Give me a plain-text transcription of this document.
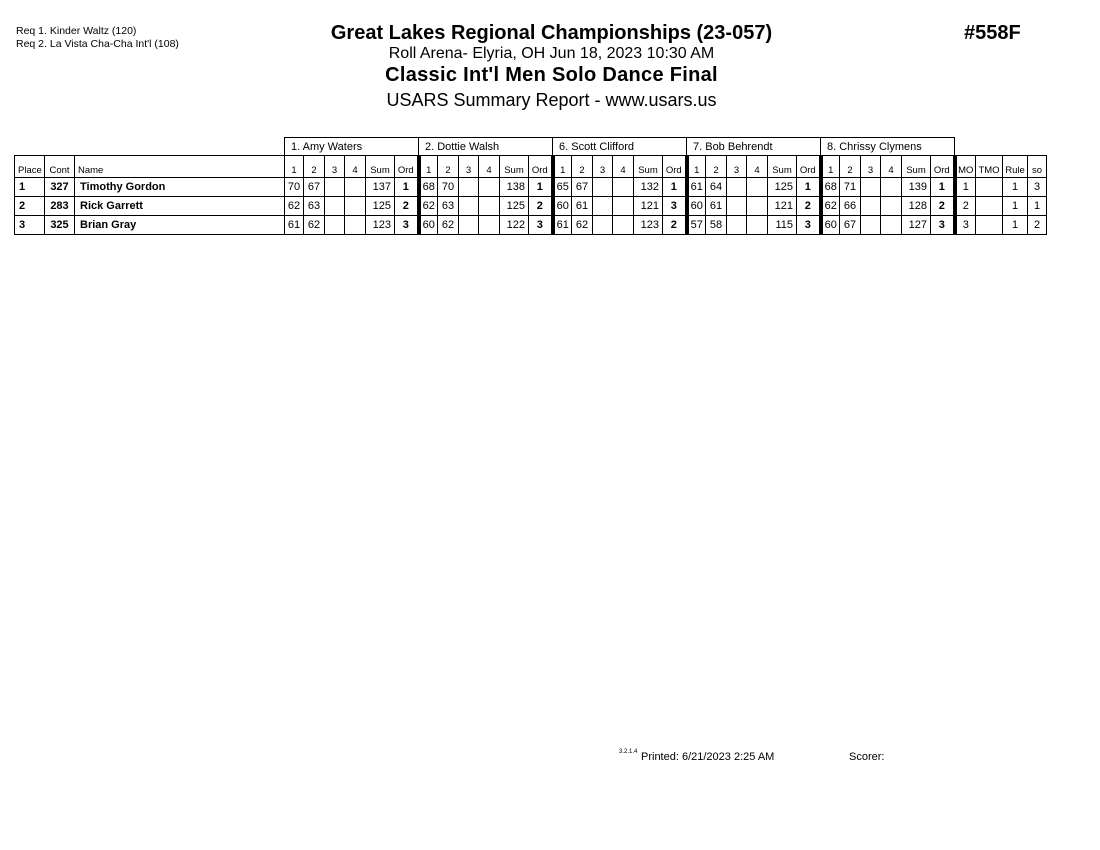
Req 1. Kinder Waltz (120)
Req 2. La Vista Cha-Cha Int'l (108)	Great Lakes Regional Championships (23-057)
Roll Arena- Elyria, OH Jun 18, 2023 10:30 AM
Classic Int'l Men Solo Dance Final
USARS Summary Report - www.usars.us
#558F
			1. Amy Waters						2. Dottie Walsh						6. Scott Clifford						7. Bob Behrendt						8. Chrissy Clymens									
Place	Cont	Name	1	2	3	4	Sum	Ord	1	2	3	4	Sum	Ord	1	2	3	4	Sum	Ord	1	2	3	4	Sum	Ord	1	2	3	4	Sum	Ord	MO	TMO	Rule	so
1	327	Timothy Gordon	70	67			137	1	68	70			138	1	65	67			132	1	61	64			125	1	68	71			139	1	1		1	3
2	283	Rick Garrett	62	63			125	2	62	63			125	2	60	61			121	3	60	61			121	2	62	66			128	2	2		1	1
3	325	Brian Gray	61	62			123	3	60	62			122	3	61	62			123	2	57	58			115	3	60	67			127	3	3		1	2
3.2.1.4 Printed: 6/21/2023 2:25 AM	Scorer:
